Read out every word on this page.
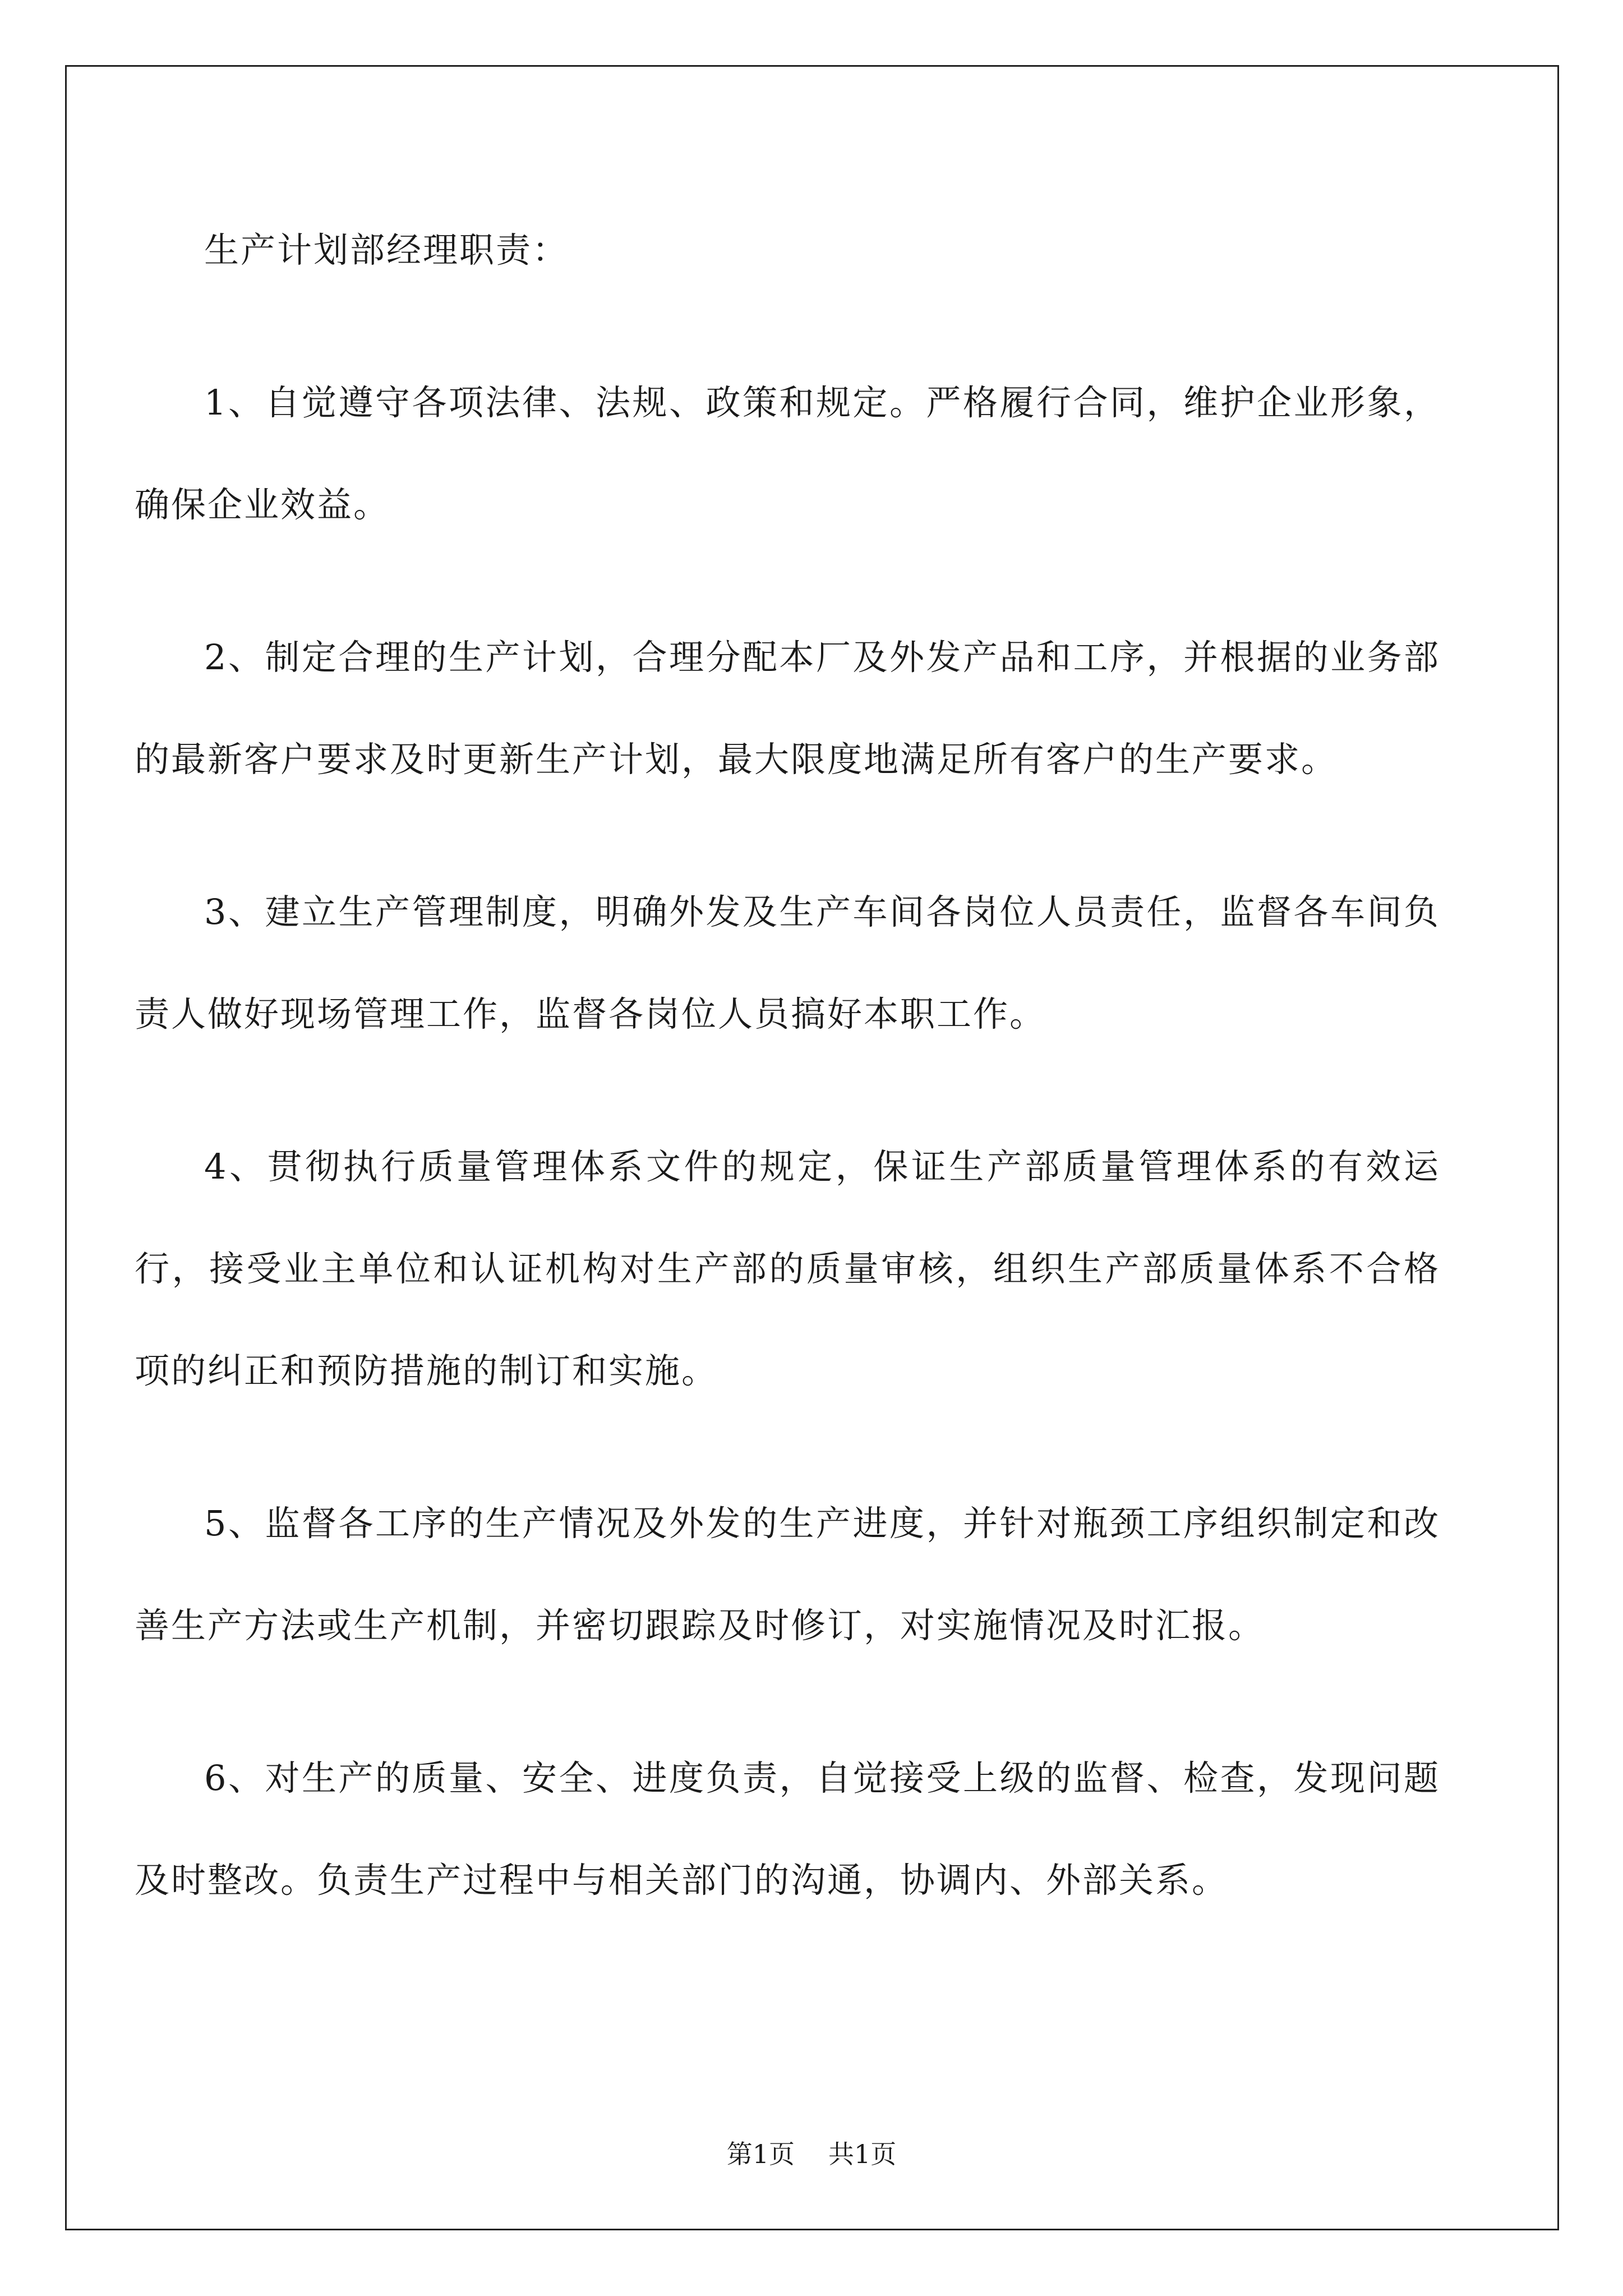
生产计划部经理职责：

1、自觉遵守各项法律、法规、政策和规定。严格履行合同，维护企业形象，确保企业效益。

2、制定合理的生产计划，合理分配本厂及外发产品和工序，并根据的业务部的最新客户要求及时更新生产计划，最大限度地满足所有客户的生产要求。

3、建立生产管理制度，明确外发及生产车间各岗位人员责任，监督各车间负责人做好现场管理工作，监督各岗位人员搞好本职工作。

4、贯彻执行质量管理体系文件的规定，保证生产部质量管理体系的有效运行，接受业主单位和认证机构对生产部的质量审核，组织生产部质量体系不合格项的纠正和预防措施的制订和实施。

5、监督各工序的生产情况及外发的生产进度，并针对瓶颈工序组织制定和改善生产方法或生产机制，并密切跟踪及时修订，对实施情况及时汇报。

6、对生产的质量、安全、进度负责，自觉接受上级的监督、检查，发现问题及时整改。负责生产过程中与相关部门的沟通，协调内、外部关系。

第1页 共1页
